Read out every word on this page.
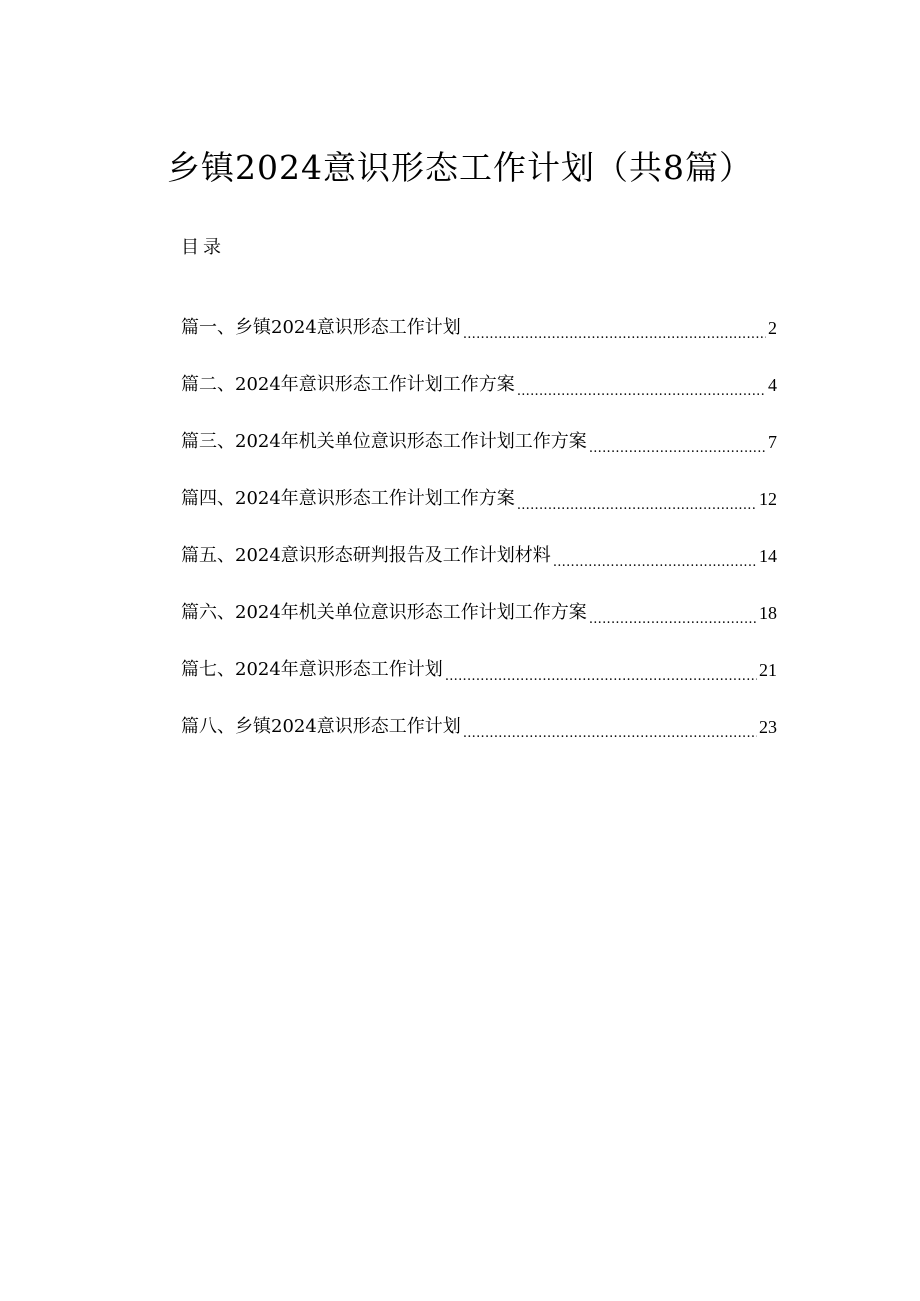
乡镇2024意识形态工作计划（共8篇）

目录

篇一、乡镇2024意识形态工作计划 .....	2
篇二、2024年意识形态工作计划工作方案 .....	4
篇三、2024年机关单位意识形态工作计划工作方案 .....	7
篇四、2024年意识形态工作计划工作方案 .....	12
篇五、2024意识形态研判报告及工作计划材料 .....	14
篇六、2024年机关单位意识形态工作计划工作方案 .....	18
篇七、2024年意识形态工作计划 .....	21
篇八、乡镇2024意识形态工作计划 .....	23
